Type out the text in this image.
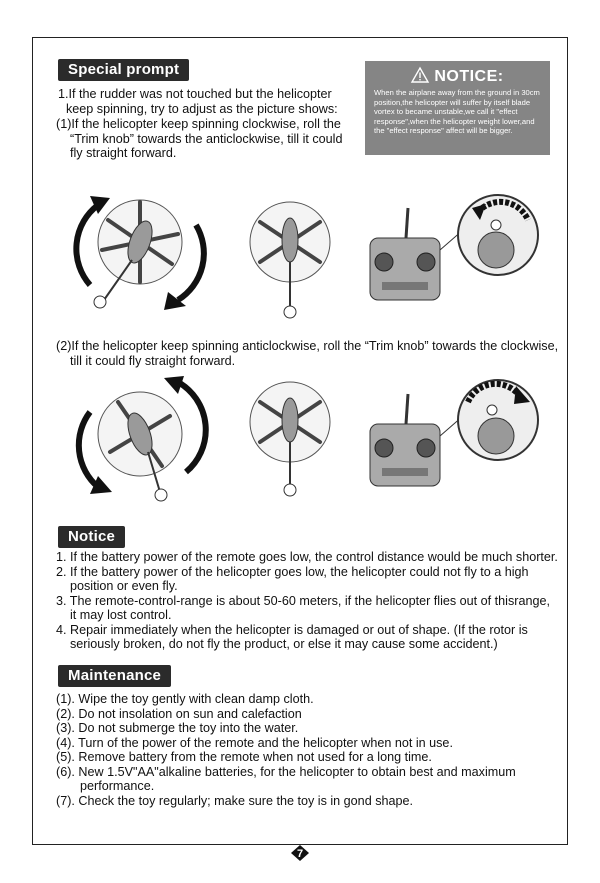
Special prompt
1.If the rudder was not touched but the helicopter

keep spinning, try to adjust as the picture shows:
(1)If the helicopter keep spinning clockwise, roll the

“Trim knob” towards the anticlockwise, till it could
fly straight forward.
NOTICE:
When the airplane away from the ground in 30cm position,the helicopter will suffer by itself blade vortex to became unstable,we call it "effect response",when the helicopter weight lower,and the "effect response" affect will be bigger.
(2)If the helicopter keep spinning anticlockwise, roll the “Trim knob” towards the clockwise,

till it could fly straight forward.
Notice
1. If the battery power of the remote goes low, the control distance would be much shorter.
2. If the battery power of the helicopter goes low, the helicopter could not fly to a high
position or even fly.
3. The remote-control-range is about 50-60 meters, if the helicopter flies out of thisrange,
it may lost control.
4. Repair immediately when the helicopter is damaged or out of shape. (If the rotor is
seriously broken, do not fly the product, or else it may cause some accident.)
Maintenance
(1). Wipe the toy gently with clean damp cloth.
(2). Do not insolation on sun and calefaction
(3). Do not submerge the toy into the water.
(4). Turn of the power of the remote and the helicopter when not in use.
(5). Remove battery from the remote when not used for a long time.
(6). New 1.5V"AA"alkaline batteries, for the helicopter to obtain best and maximum
performance.
(7). Check the toy regularly; make sure the toy is in gond shape.
7
